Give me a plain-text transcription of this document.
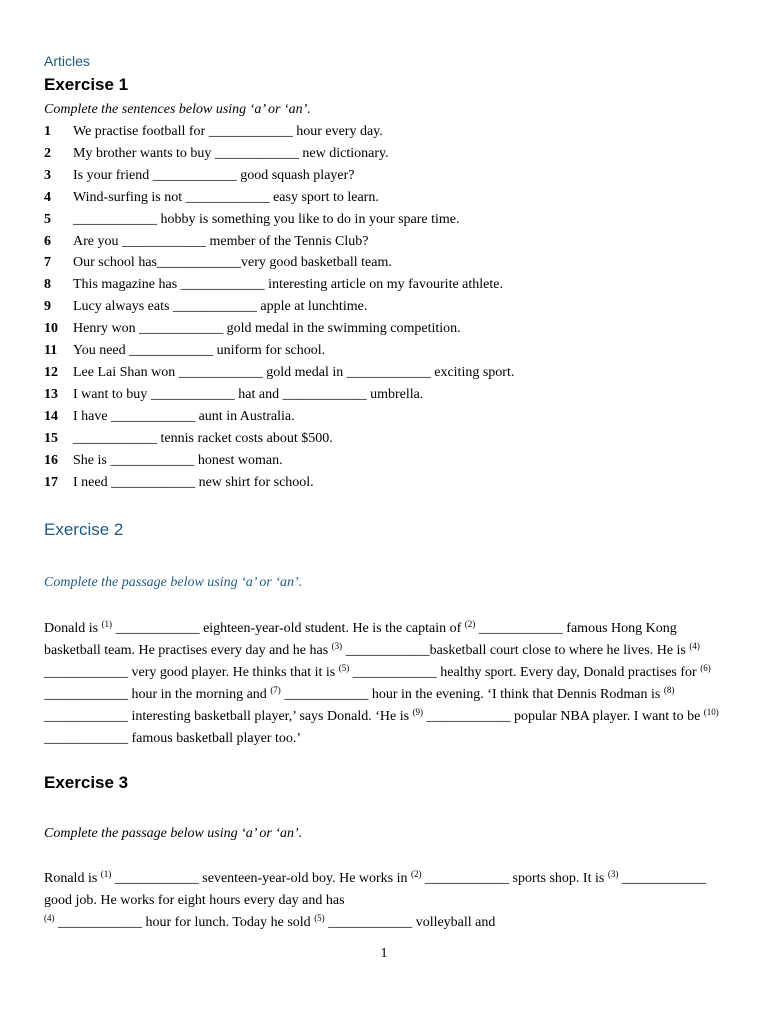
Articles
Exercise 1
Complete the sentences below using ‘a’ or ‘an’.
1	We practise football for ____________ hour every day.
2	My brother wants to buy ____________ new dictionary.
3	Is your friend ____________ good squash player?
4	Wind-surfing is not ____________ easy sport to learn.
5	____________ hobby is something you like to do in your spare time.
6	Are you ____________ member of the Tennis Club?
7	Our school has____________very good basketball team.
8	This magazine has ____________ interesting article on my favourite athlete.
9	Lucy always eats ____________ apple at lunchtime.
10	Henry won ____________ gold medal in the swimming competition.
11	You need ____________ uniform for school.
12	Lee Lai Shan won ____________ gold medal in ____________ exciting sport.
13	I want to buy ____________ hat and ____________ umbrella.
14	I have ____________ aunt in Australia.
15	____________ tennis racket costs about $500.
16	She is ____________ honest woman.
17	I need ____________ new shirt for school.
Exercise 2
Complete the passage below using ‘a’ or ‘an’.

Donald is $^{(1)}$ ____________ eighteen-year-old student. He is the captain of $^{(2)}$ ____________ famous Hong Kong basketball team. He practises every day and he has $^{(3)}$ ____________basketball court close to where he lives. He is $^{(4)}$ ____________ very good player. He thinks that it is $^{(5)}$ ____________ healthy sport. Every day, Donald practises for $^{(6)}$ ____________ hour in the morning and $^{(7)}$ ____________ hour in the evening. ‘I think that Dennis Rodman is $^{(8)}$ ____________ interesting basketball player,’ says Donald. ‘He is $^{(9)}$ ____________ popular NBA player. I want to be $^{(10)}$ ____________ famous basketball player too.’

Exercise 3
Complete the passage below using ‘a’ or ‘an’.

Ronald is $^{(1)}$ ____________ seventeen-year-old boy. He works in $^{(2)}$ ____________ sports shop. It is $^{(3)}$ ____________ good job. He works for eight hours every day and has
$^{(4)}$ ____________ hour for lunch. Today he sold $^{(5)}$ ____________ volleyball and

1
